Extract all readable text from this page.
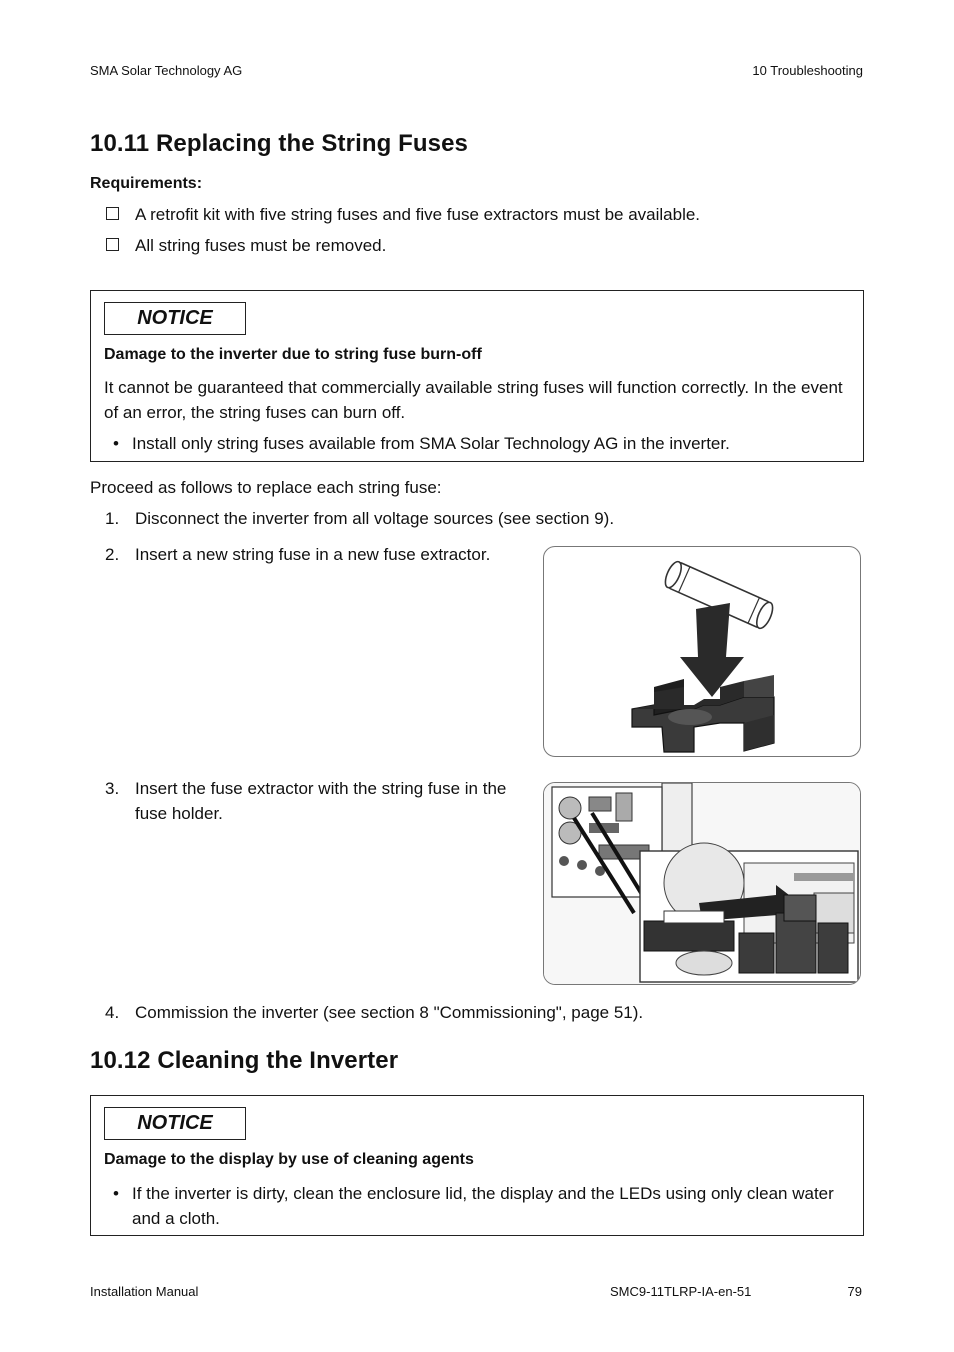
SMA Solar Technology AG	10 Troubleshooting
10.11 Replacing the String Fuses
Requirements:
A retrofit kit with five string fuses and five fuse extractors must be available.
All string fuses must be removed.
NOTICE
Damage to the inverter due to string fuse burn-off
It cannot be guaranteed that commercially available string fuses will function correctly. In the event
of an error, the string fuses can burn off.
• Install only string fuses available from SMA Solar Technology AG in the inverter.
Proceed as follows to replace each string fuse:
1. Disconnect the inverter from all voltage sources (see section 9).
2. Insert a new string fuse in a new fuse extractor.
3. Insert the fuse extractor with the string fuse in the
fuse holder.
4. Commission the inverter (see section 8 "Commissioning", page 51).
10.12 Cleaning the Inverter
NOTICE
Damage to the display by use of cleaning agents
• If the inverter is dirty, clean the enclosure lid, the display and the LEDs using only clean water
and a cloth.
Installation Manual	SMC9-11TLRP-IA-en-51	79
